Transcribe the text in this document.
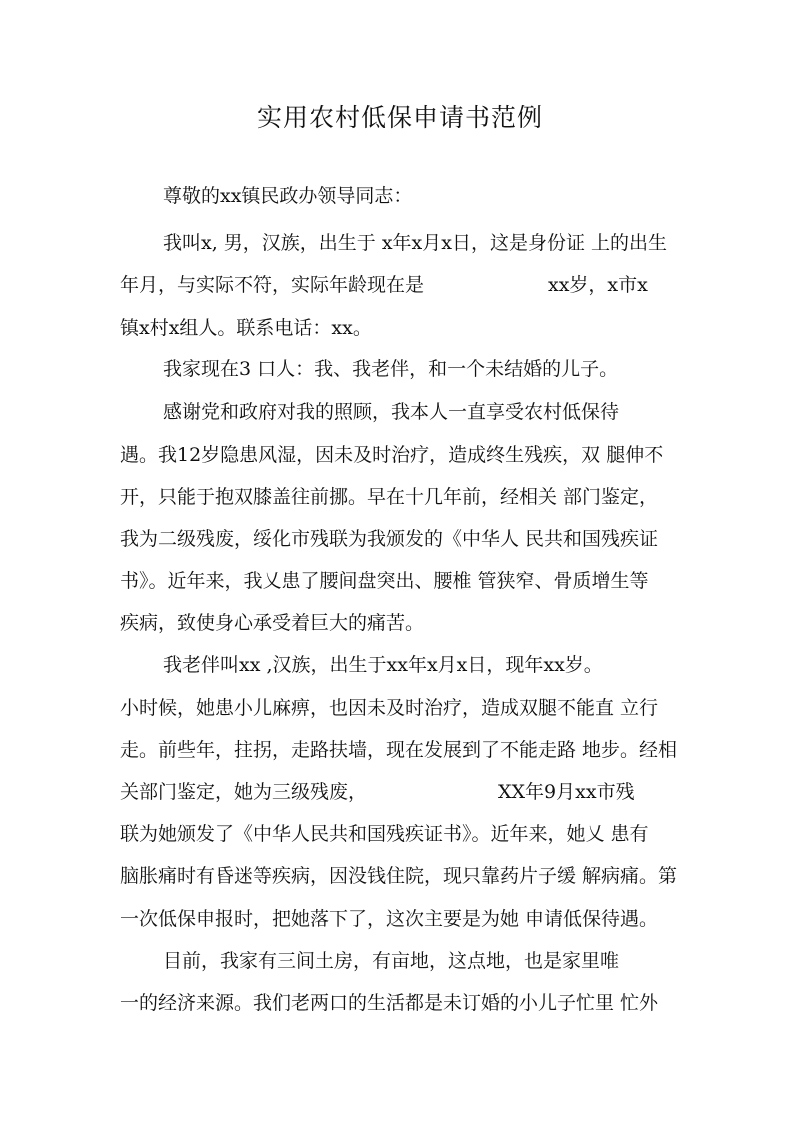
实用农村低保申请书范例
尊敬的xx镇民政办领导同志：
我叫x, 男，汉族，出生于 x年x月x日，这是身份证 上的出生
年月，与实际不符，实际年龄现在是	xx岁，x市x
镇x村x组人。联系电话：xx。
我家现在3 口人：我、我老伴，和一个未结婚的儿子。
感谢党和政府对我的照顾，我本人一直享受农村低保待
遇。我12岁隐患风湿，因未及时治疗，造成终生残疾，双 腿伸不
开，只能于抱双膝盖往前挪。早在十几年前，经相关 部门鉴定，
我为二级残废，绥化市残联为我颁发的《中华人 民共和国残疾证
书》。近年来，我乂患了腰间盘突出、腰椎 管狭窄、骨质增生等
疾病，致使身心承受着巨大的痛苦。
我老伴叫xx ,汉族，出生于xx年x月x日，现年xx岁。
小时候，她患小儿麻痹，也因未及时治疗，造成双腿不能直 立行
走。前些年，拄拐，走路扶墙，现在发展到了不能走路 地步。经相
关部门鉴定，她为三级残废，	XX年9月xx市残
联为她颁发了《中华人民共和国残疾证书》。近年来，她乂 患有
脑胀痛时有昏迷等疾病，因没钱住院，现只靠药片子缓 解病痛。第
一次低保申报时，把她落下了，这次主要是为她 申请低保待遇。
目前，我家有三间土房，有亩地，这点地，也是家里唯
一的经济来源。我们老两口的生活都是未订婚的小儿子忙里 忙外
